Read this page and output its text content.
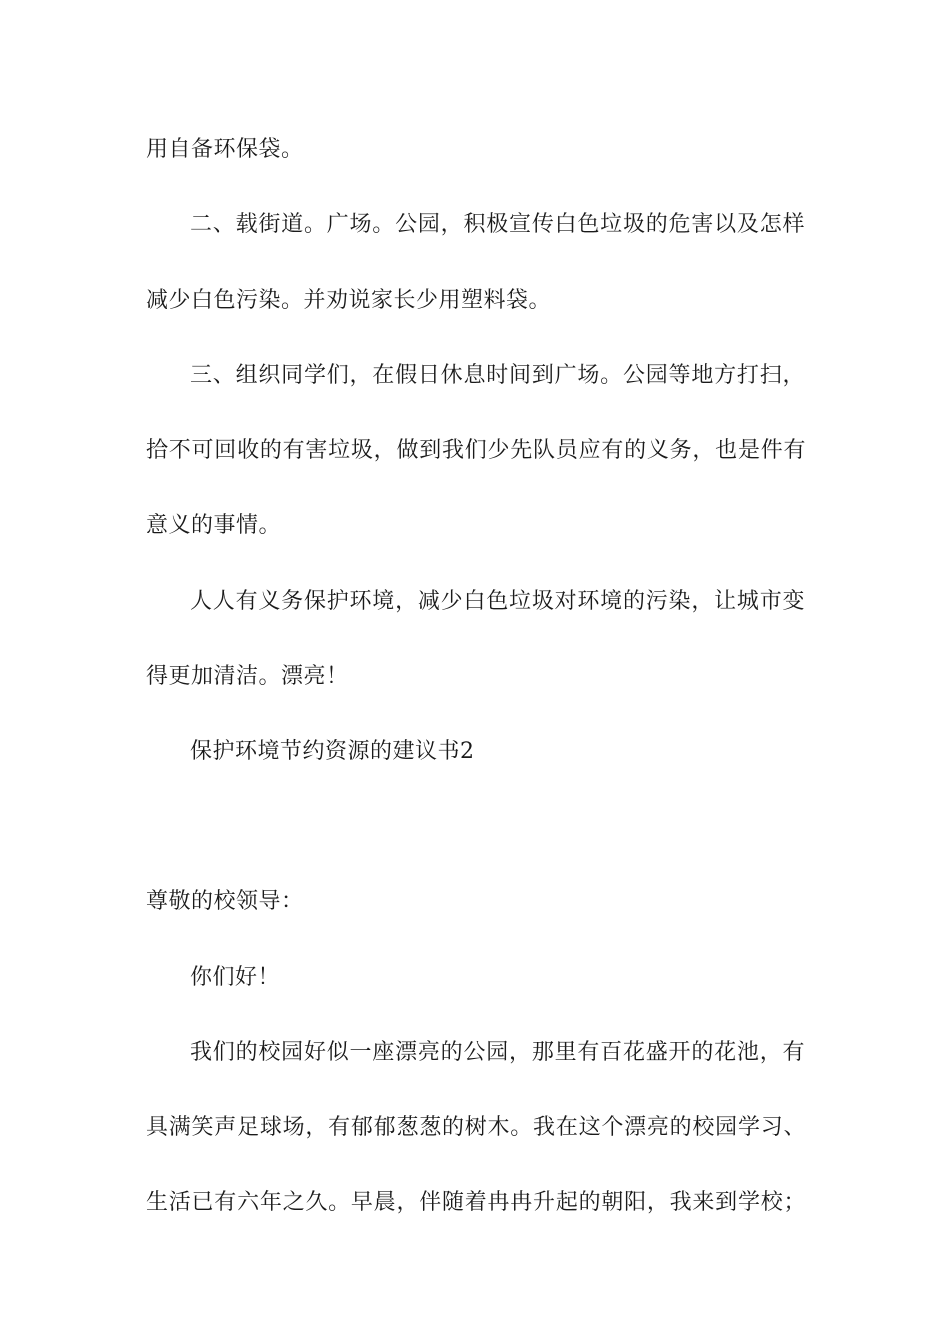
用自备环保袋。
二、载街道。广场。公园，积极宣传白色垃圾的危害以及怎样
减少白色污染。并劝说家长少用塑料袋。
三、组织同学们，在假日休息时间到广场。公园等地方打扫，
拾不可回收的有害垃圾，做到我们少先队员应有的义务，也是件有
意义的事情。
人人有义务保护环境，减少白色垃圾对环境的污染，让城市变
得更加清洁。漂亮！
保护环境节约资源的建议书2
尊敬的校领导：
你们好！
我们的校园好似一座漂亮的公园，那里有百花盛开的花池，有
具满笑声足球场，有郁郁葱葱的树木。我在这个漂亮的校园学习、
生活已有六年之久。早晨，伴随着冉冉升起的朝阳，我来到学校；
